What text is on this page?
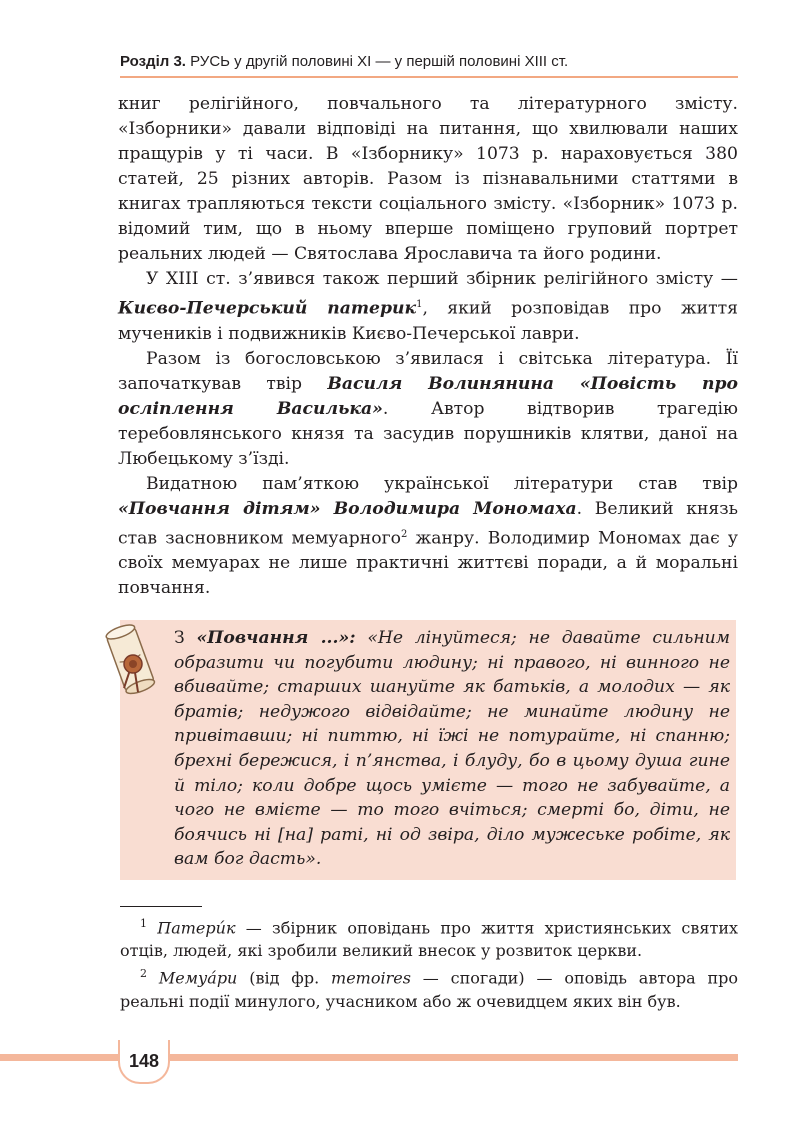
Розділ 3. РУСЬ у другій половині XI — у першій половині XIII ст.

книг релігійного, повчального та літературного змісту. «Ізборники» давали відповіді на питання, що хвилювали наших пращурів у ті часи. В «Ізборнику» 1073 р. нараховується 380 статей, 25 різних авторів. Разом із пізнавальними статтями в книгах трапляються тексти соціального змісту. «Ізборник» 1073 р. відомий тим, що в ньому вперше поміщено груповий портрет реальних людей — Святослава Ярославича та його родини.

У ХІІІ ст. з’явився також перший збірник релігійного змісту — Києво-Печерський патерик$^1$, який розповідав про життя мучеників і подвижників Києво-Печерської лаври.

Разом із богословською з’явилася і світська література. Її започаткував твір Василя Волинянина «Повість про осліплення Василька». Автор відтворив трагедію теребовлянського князя та засудив порушників клятви, даної на Любецькому з’їзді.

Видатною пам’яткою української літератури став твір «Повчання дітям» Володимира Мономаха. Великий князь став засновником мемуарного$^2$ жанру. Володимир Мономах дає у своїх мемуарах не лише практичні життєві поради, а й моральні повчання.

З «Повчання ...»: «Не лінуйтеся; не давайте сильним образити чи погубити людину; ні правого, ні винного не вбивайте; старших шануйте як батьків, а молодих — як братів; недужого відвідайте; не минайте людину не привітавши; ні питтю, ні їжі не потурайте, ні спанню; брехні бережися, і п’янства, і блуду, бо в цьому душа гине й тіло; коли добре щось умієте — того не забувайте, а чого не вмієте — то того вчіться; смерті бо, діти, не боячись ні [на] раті, ні од звіра, діло мужеське робіте, як вам бог дасть».

$^1$ Патери́к — збірник оповідань про життя християнських святих отців, людей, які зробили великий внесок у розвиток церкви.

$^2$ Мемуа́ри (від фр. memoires — спогади) — оповідь автора про реальні події минулого, учасником або ж очевидцем яких він був.

148
